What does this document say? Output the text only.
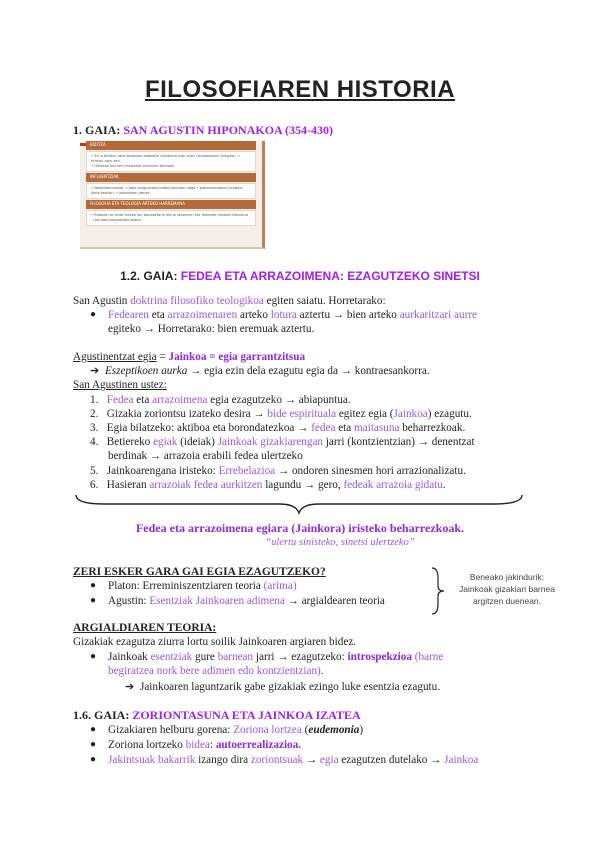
FILOSOFIAREN HISTORIA
1. GAIA: SAN AGUSTIN HIPONAKOA (354-430)
BIZITZA
• 35 urterekin bere bizitzako aldaketa handiena izan zuen (Anbrosioren eragina) → kristau egin zen.
• Hiltzean bai zen hasierako oinarrien bilatzen.
INFLUENTZIAK
• Neoplatonismoa → egia ezagutzeko bidea barnean dago • platonismoaren eragina ideia teorian → jainkoaren ideiak
FILOSOFIA ETA TEOLOGIA ARTEKO HARREMANA
• Bilatzen ez dute arteko lan banaketarik eta arrazoiaren eta fedearen arteko elkarlana → Jainkoa ezagutzeko bidea
1.2. GAIA: FEDEA ETA ARRAZOIMENA: EZAGUTZEKO SINETSI
San Agustin doktrina filosofiko teologikoa egiten saiatu. Horretarako:
● Fedearen eta arrazoimenaren arteko lotura aztertu → bien arteko aurkaritzari aurre
egiteko → Horretarako: bien eremuak aztertu.
Agustinentzat egia = Jainkoa = egia garrantzitsua
➔  Eszeptikoen aurka → egia ezin dela ezagutu egia da → kontraesankorra.
San Agustinen ustez:
1. Fedea eta arrazoimena egia ezagutzeko → abiapuntua.
2. Gizakia zoriontsu izateko desira → bide espirituala egitez egia (Jainkoa) ezagutu.
3. Egia bilatzeko: aktiboa eta borondatezkoa → fedea eta maitasuna beharrezkoak.
4. Betiereko egiak (ideiak) Jainkoak gizakiarengan jarri (kontzientzian) → denentzat
berdinak → arrazoia erabili fedea ulertzeko
5. Jainkoarengana iristeko: Errebelazioa → ondoren sinesmen hori arrazionalizatu.
6. Hasieran arrazoiak fedea aurkitzen lagundu → gero, fedeak arrazoia gidatu.
Fedea eta arrazoimena egiara (Jainkora) iristeko beharrezkoak.
“ulertu sinisteko, sinetsi ulertzeko”
ZERI ESKER GARA GAI EGIA EZAGUTZEKO?
● Platon: Erreminiszentziaren teoria (arima)
● Agustin: Esentziak Jainkoaren adimena → argialdearen teoria
Beneako jakindurik:
Jainkoak gizakiari barnea
argitzen duenean.
ARGIALDIAREN TEORIA:
Gizakiak ezagutza ziurra lortu soilik Jainkoaren argiaren bidez.
● Jainkoak esentziak gure barnean jarri → ezagutzeko: introspekzioa (barne
begiratzea nork bere adimen edo kontzientzian).
➔  Jainkoaren laguntzarik gabe gizakiak ezingo luke esentzia ezagutu.
1.6. GAIA: ZORIONTASUNA ETA JAINKOA IZATEA
● Gizakiaren helburu gorena: Zoriona lortzea (eudemonia)
● Zoriona lortzeko bidea: autoerrealizazioa.
● Jakintsuak bakarrik izango dira zoriontsuak → egia ezagutzen dutelako → Jainkoa
